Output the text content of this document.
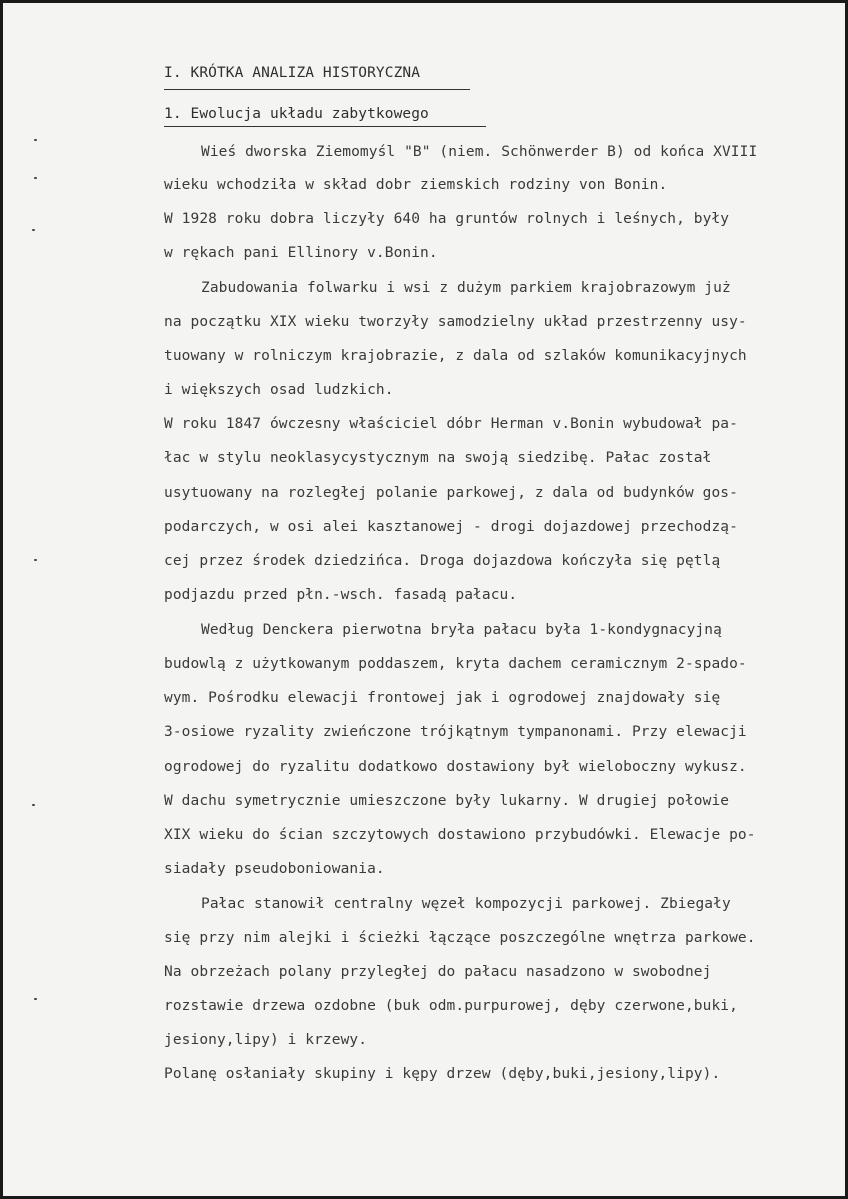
I. KRÓTKA ANALIZA HISTORYCZNA
1. Ewolucja układu zabytkowego
Wieś dworska Ziemomyśl "B" (niem. Schönwerder B) od końca XVIII
wieku wchodziła w skład dobr ziemskich rodziny von Bonin.
W 1928 roku dobra liczyły 640 ha gruntów rolnych i leśnych, były
w rękach pani Ellinory v.Bonin.
Zabudowania folwarku i wsi z dużym parkiem krajobrazowym już
na początku XIX wieku tworzyły samodzielny układ przestrzenny usy-
tuowany w rolniczym krajobrazie, z dala od szlaków komunikacyjnych
i większych osad ludzkich.
W roku 1847 ówczesny właściciel dóbr Herman v.Bonin wybudował pa-
łac w stylu neoklasycystycznym na swoją siedzibę. Pałac został
usytuowany na rozległej polanie parkowej, z dala od budynków gos-
podarczych, w osi alei kasztanowej - drogi dojazdowej przechodzą-
cej przez środek dziedzińca. Droga dojazdowa kończyła się pętlą
podjazdu przed płn.-wsch. fasadą pałacu.
Według Denckera pierwotna bryła pałacu była 1-kondygnacyjną
budowlą z użytkowanym poddaszem, kryta dachem ceramicznym 2-spado-
wym. Pośrodku elewacji frontowej jak i ogrodowej znajdowały się
3-osiowe ryzality zwieńczone trójkątnym tympanonami. Przy elewacji
ogrodowej do ryzalitu dodatkowo dostawiony był wieloboczny wykusz.
W dachu symetrycznie umieszczone były lukarny. W drugiej połowie
XIX wieku do ścian szczytowych dostawiono przybudówki. Elewacje po-
siadały pseudoboniowania.
Pałac stanowił centralny węzeł kompozycji parkowej. Zbiegały
się przy nim alejki i ścieżki łączące poszczególne wnętrza parkowe.
Na obrzeżach polany przyległej do pałacu nasadzono w swobodnej
rozstawie drzewa ozdobne (buk odm.purpurowej, dęby czerwone,buki,
jesiony,lipy) i krzewy.
Polanę osłaniały skupiny i kępy drzew (dęby,buki,jesiony,lipy).
